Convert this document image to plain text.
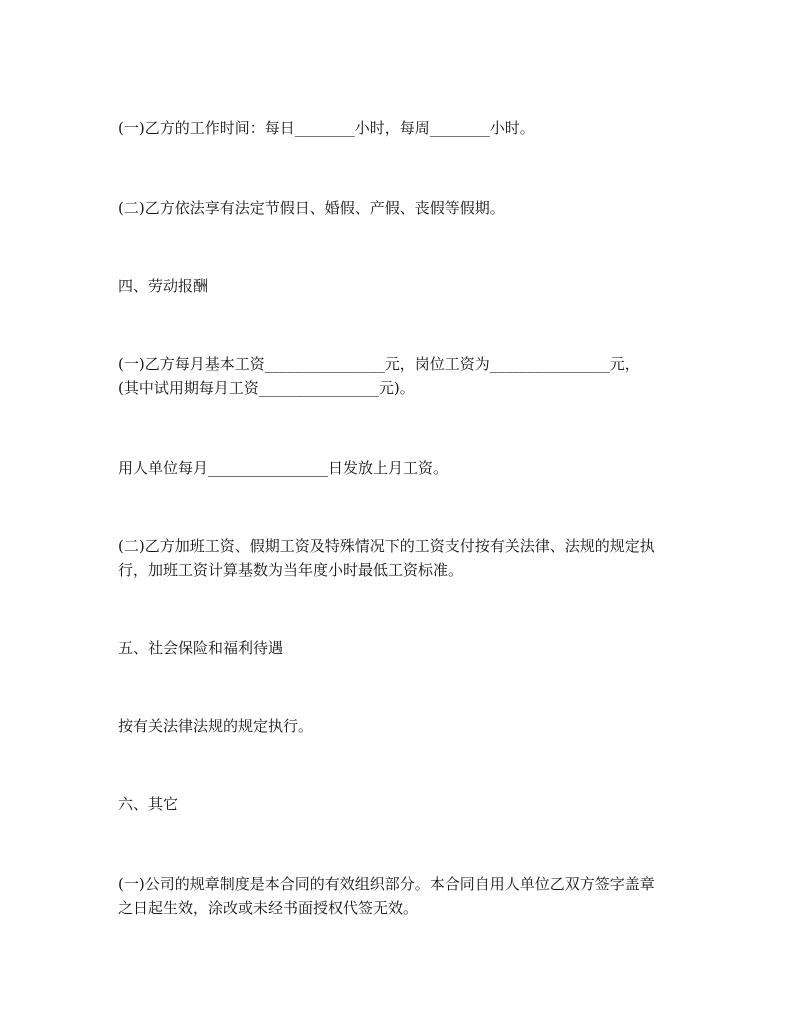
(一)乙方的工作时间：每日________小时，每周________小时。
(二)乙方依法享有法定节假日、婚假、产假、丧假等假期。
四、劳动报酬
(一)乙方每月基本工资________________元，岗位工资为________________元，
(其中试用期每月工资________________元)。
用人单位每月________________日发放上月工资。
(二)乙方加班工资、假期工资及特殊情况下的工资支付按有关法律、法规的规定执
行，加班工资计算基数为当年度小时最低工资标准。
五、社会保险和福利待遇
按有关法律法规的规定执行。
六、其它
(一)公司的规章制度是本合同的有效组织部分。本合同自用人单位乙双方签字盖章
之日起生效，涂改或未经书面授权代签无效。
